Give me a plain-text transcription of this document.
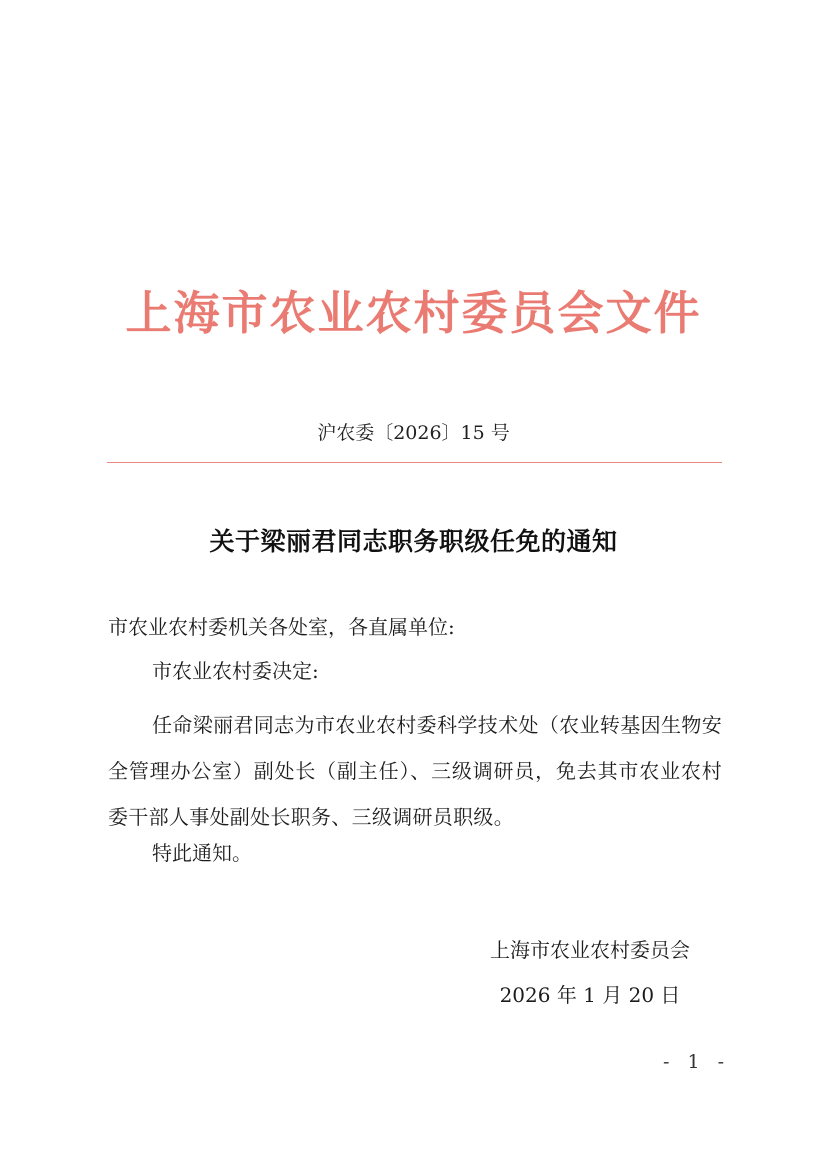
上海市农业农村委员会文件
沪农委〔2026〕15 号
关于梁丽君同志职务职级任免的通知

市农业农村委机关各处室，各直属单位:

市农业农村委决定:

任命梁丽君同志为市农业农村委科学技术处（农业转基因生物安全管理办公室）副处长（副主任）、三级调研员，免去其市农业农村委干部人事处副处长职务、三级调研员职级。

特此通知。

上海市农业农村委员会
2026 年 1 月 20 日
- 1 -
